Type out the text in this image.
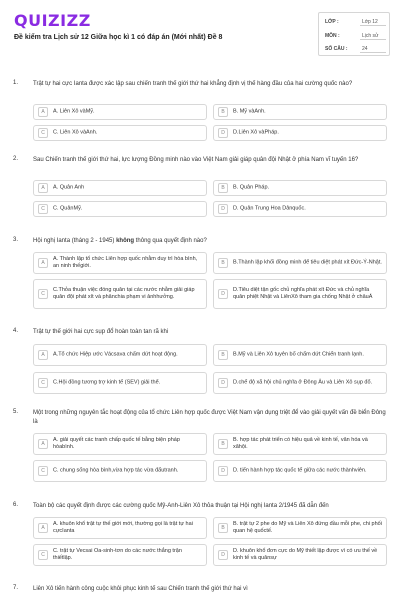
QUIZIZZ
Đề kiểm tra Lịch sử 12 Giữa học kì 1 có đáp án (Mới nhất) Đề 8
LỚP :	Lớp 12
MÔN :	Lịch sử
SỐ CÂU :	24
1. Trật tự hai cực Ianta được xác lập sau chiến tranh thế giới thứ hai khẳng định vị thế hàng đầu của hai cường quốc nào?
A	A. Liên Xô vàMỹ.	B	B. Mỹ vàAnh.
C	C. Liên Xô vàAnh.	D	D.Liên Xô vàPháp.
2. Sau Chiến tranh thế giới thứ hai, lực lượng Đồng minh nào vào Việt Nam giải giáp quân đội Nhật ở phía Nam vĩ tuyến 16?
A	A. Quân Anh	B	B. Quân Pháp.
C	C. QuânMỹ.	D	D. Quân Trung Hoa Dânquốc.
3. Hội nghị Ianta (tháng 2 - 1945) không thông qua quyết định nào?
A
A. Thành lập tổ chức Liên hợp quốc nhằm duy trì hòa bình, an ninh thếgiới.	B	B.Thành lập khối đồng minh để tiêu diệt phát xít Đức-Ý-Nhật.
C
C.Thỏa thuận việc đóng quân tại các nước nhằm giải giáp quân đội phát xít và phânchia phạm vi ảnhhưởng.	D
D.Tiêu diệt tận gốc chủ nghĩa phát xít Đức và chủ nghĩa quân phiệt Nhật và LiênXô tham gia chống Nhật ở châuÁ
4. Trật tự thế giới hai cực sụp đổ hoàn toàn tan rã khi
A	A.Tổ chức Hiệp ước Vácsava chấm dứt hoạt động.	B	B.Mỹ và Liên Xô tuyên bố chấm dứt Chiến tranh lạnh.
C	C.Hội đồng tương trợ kinh tế (SEV) giải thể.	D	D.chế độ xã hội chủ nghĩa ở Đông Âu và Liên Xô sụp đổ.
5. Một trong những nguyên tắc hoạt động của tổ chức Liên hợp quốc được Việt Nam vận dụng triệt để vào giải quyết vấn đề biển Đông là
A
A. giải quyết các tranh chấp quốc tế bằng biện pháp hòabình.	B
B. hợp tác phát triển có hiệu quả về kinh tế, văn hóa và xãhội.
C	C. chung sống hòa bình,vừa hợp tác vừa đấutranh.	D	D. tiến hành hợp tác quốc tế giữa các nước thànhviên.
6. Toàn bộ các quyết định được các cường quốc Mỹ-Anh-Liên Xô thỏa thuận tại Hội nghị Ianta 2/1945 đã dẫn đến
A
A. khuôn khổ trật tự thế giới mới, thường gọi là trật tự hai cựcIanta	B
B. trật tự 2 phe do Mỹ và Liên Xô đứng đầu mỗi phe, chi phối quan hệ quốctế.
C
C. trật tự Vecsai Oa-sinh-tơn do các nước thắng trận thiếtlập.	D
D. khuôn khổ đơn cực do Mỹ thiết lập được vì có ưu thế về kinh tế và quânsự
7. Liên Xô tiến hành công cuộc khôi phục kinh tế sau Chiến tranh thế giới thứ hai vì
